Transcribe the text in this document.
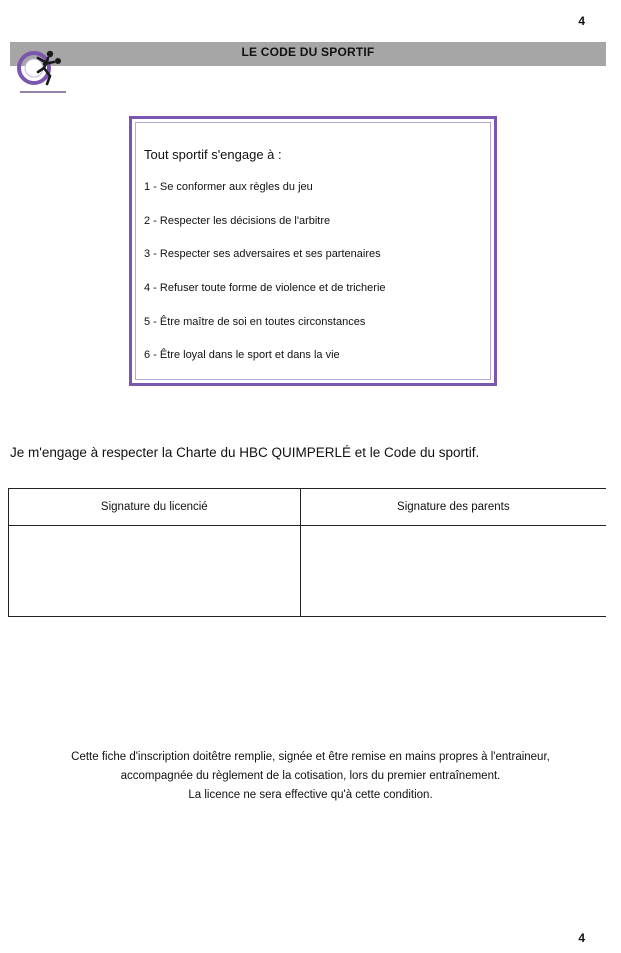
4
LE CODE DU SPORTIF
Tout sportif s'engage à :
1 - Se conformer aux règles du jeu
2 - Respecter les décisions de l'arbitre
3 - Respecter ses adversaires et ses partenaires
4 - Refuser toute forme de violence et de tricherie
5 - Être maître de soi en toutes circonstances
6 - Être loyal dans le sport et dans la vie
Je m'engage à respecter la Charte du HBC QUIMPERLÉ et le Code du sportif.
Signature du licencié	Signature des parents

Cette fiche d'inscription doitêtre remplie, signée et être remise en mains propres à l'entraineur,
accompagnée du règlement de la cotisation, lors du premier entraînement.
La licence ne sera effective qu'à cette condition.
4
